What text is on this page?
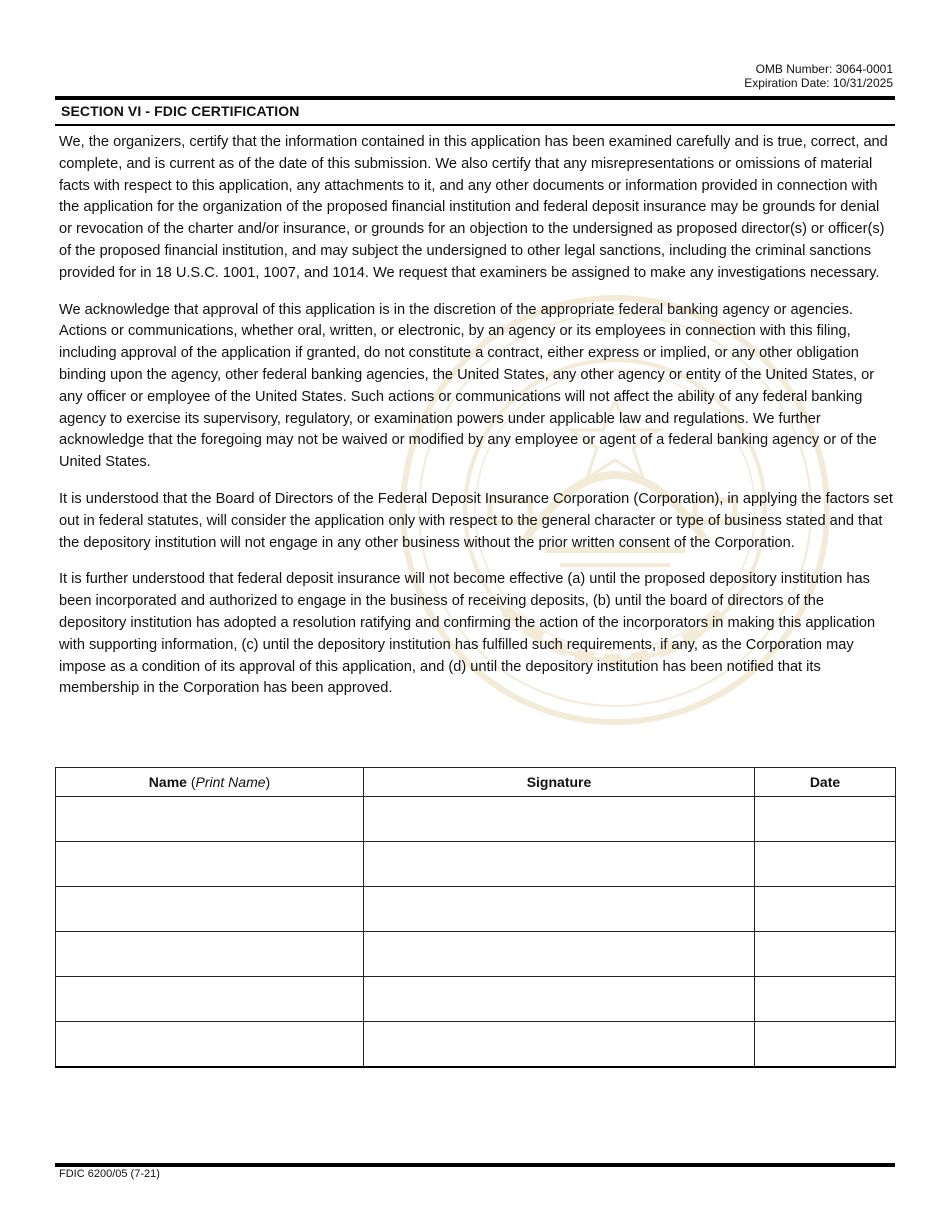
OMB Number: 3064-0001
Expiration Date: 10/31/2025
SECTION VI - FDIC CERTIFICATION

We, the organizers, certify that the information contained in this application has been examined carefully and is true, correct, and complete, and is current as of the date of this submission. We also certify that any misrepresentations or omissions of material facts with respect to this application, any attachments to it, and any other documents or information provided in connection with the application for the organization of the proposed financial institution and federal deposit insurance may be grounds for denial or revocation of the charter and/or insurance, or grounds for an objection to the undersigned as proposed director(s) or officer(s) of the proposed financial institution, and may subject the undersigned to other legal sanctions, including the criminal sanctions provided for in 18 U.S.C. 1001, 1007, and 1014. We request that examiners be assigned to make any investigations necessary.

We acknowledge that approval of this application is in the discretion of the appropriate federal banking agency or agencies. Actions or communications, whether oral, written, or electronic, by an agency or its employees in connection with this filing, including approval of the application if granted, do not constitute a contract, either express or implied, or any other obligation binding upon the agency, other federal banking agencies, the United States, any other agency or entity of the United States, or any officer or employee of the United States. Such actions or communications will not affect the ability of any federal banking agency to exercise its supervisory, regulatory, or examination powers under applicable law and regulations. We further acknowledge that the foregoing may not be waived or modified by any employee or agent of a federal banking agency or of the United States.

It is understood that the Board of Directors of the Federal Deposit Insurance Corporation (Corporation), in applying the factors set out in federal statutes, will consider the application only with respect to the general character or type of business stated and that the depository institution will not engage in any other business without the prior written consent of the Corporation.

It is further understood that federal deposit insurance will not become effective (a) until the proposed depository institution has been incorporated and authorized to engage in the business of receiving deposits, (b) until the board of directors of the depository institution has adopted a resolution ratifying and confirming the action of the incorporators in making this application with supporting information, (c) until the depository institution has fulfilled such requirements, if any, as the Corporation may impose as a condition of its approval of this application, and (d) until the depository institution has been notified that its membership in the Corporation has been approved.

Name (Print Name)	Signature	Date

FDIC 6200/05 (7-21)
